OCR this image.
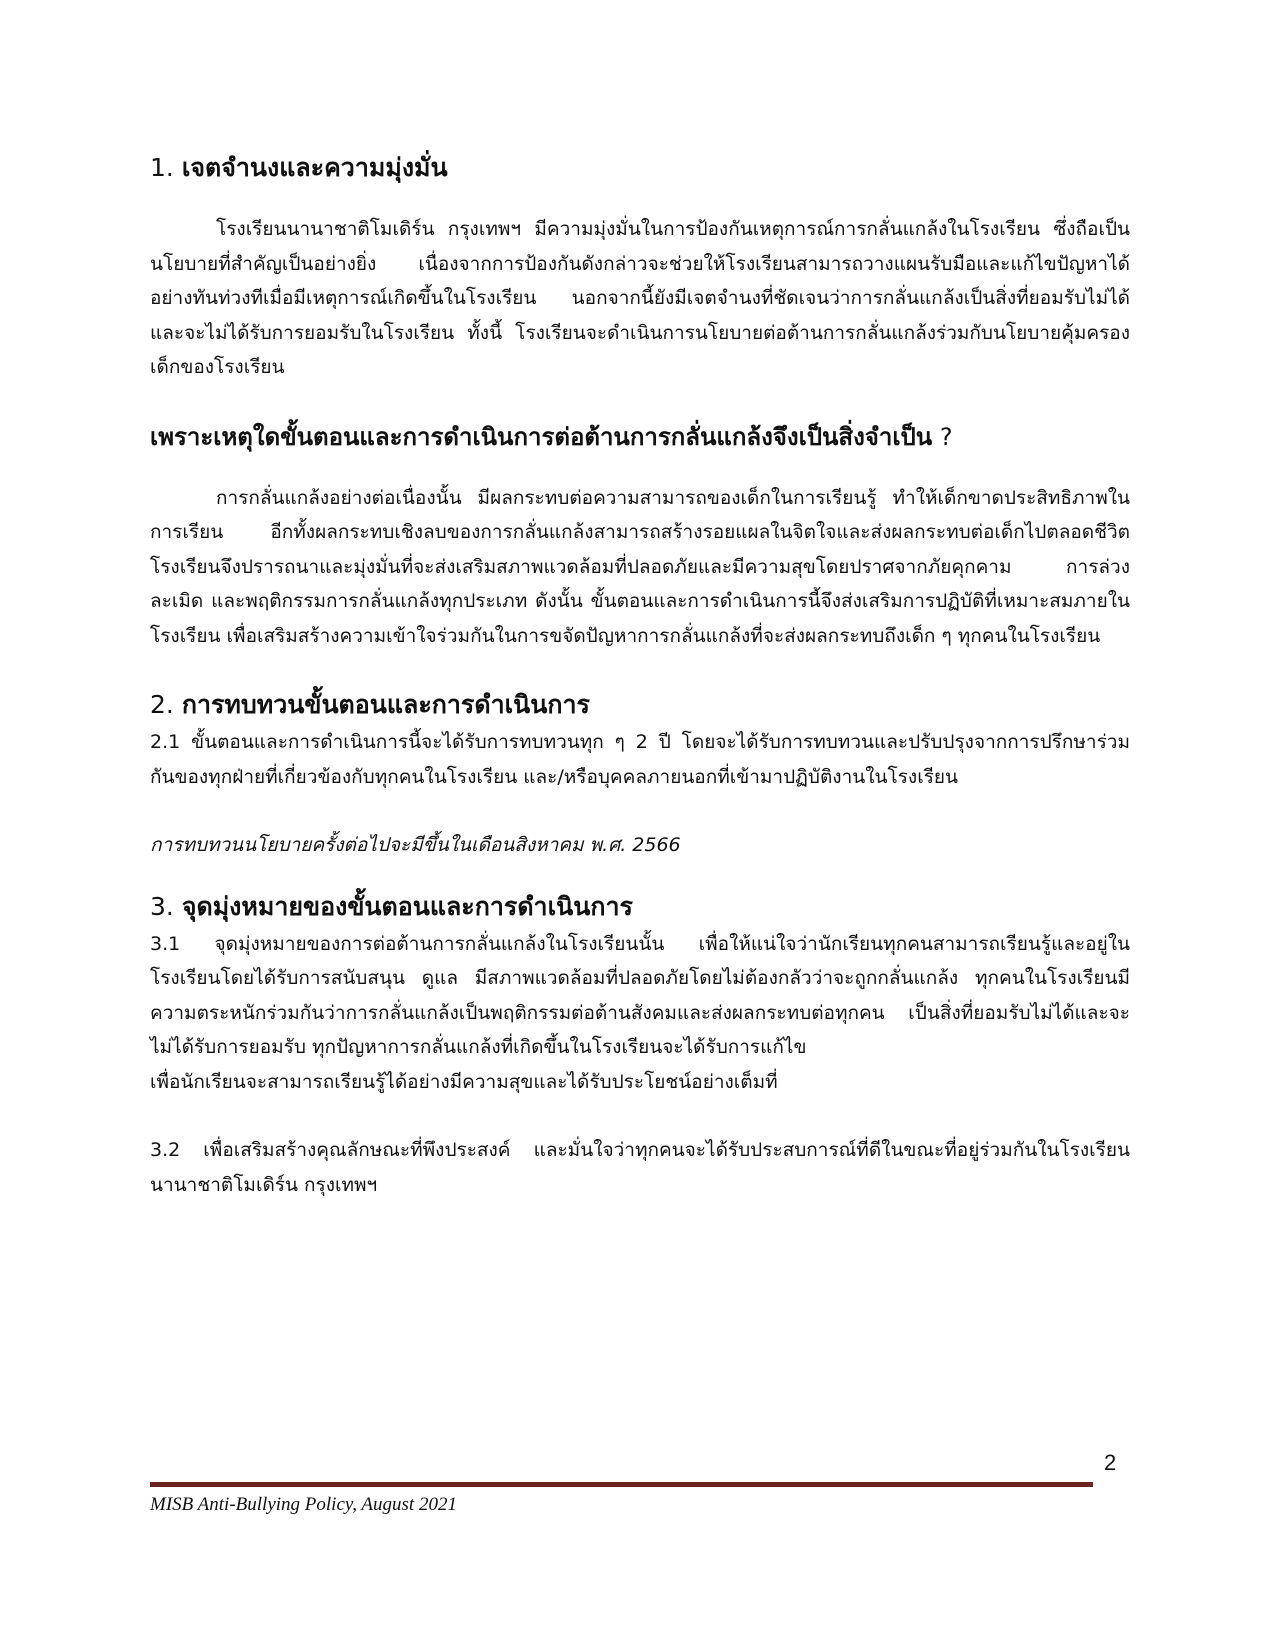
1. เจตจำนงและความมุ่งมั่น

โรงเรียนนานาชาติโมเดิร์น กรุงเทพฯ มีความมุ่งมั่นในการป้องกันเหตุการณ์การกลั่นแกล้งในโรงเรียน ซึ่งถือเป็นนโยบายที่สำคัญเป็นอย่างยิ่ง เนื่องจากการป้องกันดังกล่าวจะช่วยให้โรงเรียนสามารถวางแผนรับมือและแก้ไขปัญหาได้อย่างทันท่วงทีเมื่อมีเหตุการณ์เกิดขึ้นในโรงเรียน นอกจากนี้ยังมีเจตจำนงที่ชัดเจนว่าการกลั่นแกล้งเป็นสิ่งที่ยอมรับไม่ได้ และจะไม่ได้รับการยอมรับในโรงเรียน ทั้งนี้ โรงเรียนจะดำเนินการนโยบายต่อต้านการกลั่นแกล้งร่วมกับนโยบายคุ้มครองเด็กของโรงเรียน

เพราะเหตุใดขั้นตอนและการดำเนินการต่อต้านการกลั่นแกล้งจึงเป็นสิ่งจำเป็น ?

การกลั่นแกล้งอย่างต่อเนื่องนั้น มีผลกระทบต่อความสามารถของเด็กในการเรียนรู้ ทำให้เด็กขาดประสิทธิภาพในการเรียน อีกทั้งผลกระทบเชิงลบของการกลั่นแกล้งสามารถสร้างรอยแผลในจิตใจและส่งผลกระทบต่อเด็กไปตลอดชีวิต โรงเรียนจึงปรารถนาและมุ่งมั่นที่จะส่งเสริมสภาพแวดล้อมที่ปลอดภัยและมีความสุขโดยปราศจากภัยคุกคาม การล่วงละเมิด และพฤติกรรมการกลั่นแกล้งทุกประเภท ดังนั้น ขั้นตอนและการดำเนินการนี้จึงส่งเสริมการปฏิบัติที่เหมาะสมภายในโรงเรียน เพื่อเสริมสร้างความเข้าใจร่วมกันในการขจัดปัญหาการกลั่นแกล้งที่จะส่งผลกระทบถึงเด็ก ๆ ทุกคนในโรงเรียน

2. การทบทวนขั้นตอนและการดำเนินการ

2.1 ขั้นตอนและการดำเนินการนี้จะได้รับการทบทวนทุก ๆ 2 ปี โดยจะได้รับการทบทวนและปรับปรุงจากการปรึกษาร่วมกันของทุกฝ่ายที่เกี่ยวข้องกับทุกคนในโรงเรียน และ/หรือบุคคลภายนอกที่เข้ามาปฏิบัติงานในโรงเรียน

การทบทวนนโยบายครั้งต่อไปจะมีขึ้นในเดือนสิงหาคม พ.ศ. 2566

3. จุดมุ่งหมายของขั้นตอนและการดำเนินการ

3.1 จุดมุ่งหมายของการต่อต้านการกลั่นแกล้งในโรงเรียนนั้น เพื่อให้แน่ใจว่านักเรียนทุกคนสามารถเรียนรู้และอยู่ในโรงเรียนโดยได้รับการสนับสนุน ดูแล มีสภาพแวดล้อมที่ปลอดภัยโดยไม่ต้องกลัวว่าจะถูกกลั่นแกล้ง ทุกคนในโรงเรียนมีความตระหนักร่วมกันว่าการกลั่นแกล้งเป็นพฤติกรรมต่อต้านสังคมและส่งผลกระทบต่อทุกคน เป็นสิ่งที่ยอมรับไม่ได้และจะไม่ได้รับการยอมรับ ทุกปัญหาการกลั่นแกล้งที่เกิดขึ้นในโรงเรียนจะได้รับการแก้ไข

เพื่อนักเรียนจะสามารถเรียนรู้ได้อย่างมีความสุขและได้รับประโยชน์อย่างเต็มที่

3.2 เพื่อเสริมสร้างคุณลักษณะที่พึงประสงค์ และมั่นใจว่าทุกคนจะได้รับประสบการณ์ที่ดีในขณะที่อยู่ร่วมกันในโรงเรียนนานาชาติโมเดิร์น กรุงเทพฯ

2
MISB Anti-Bullying Policy, August 2021
